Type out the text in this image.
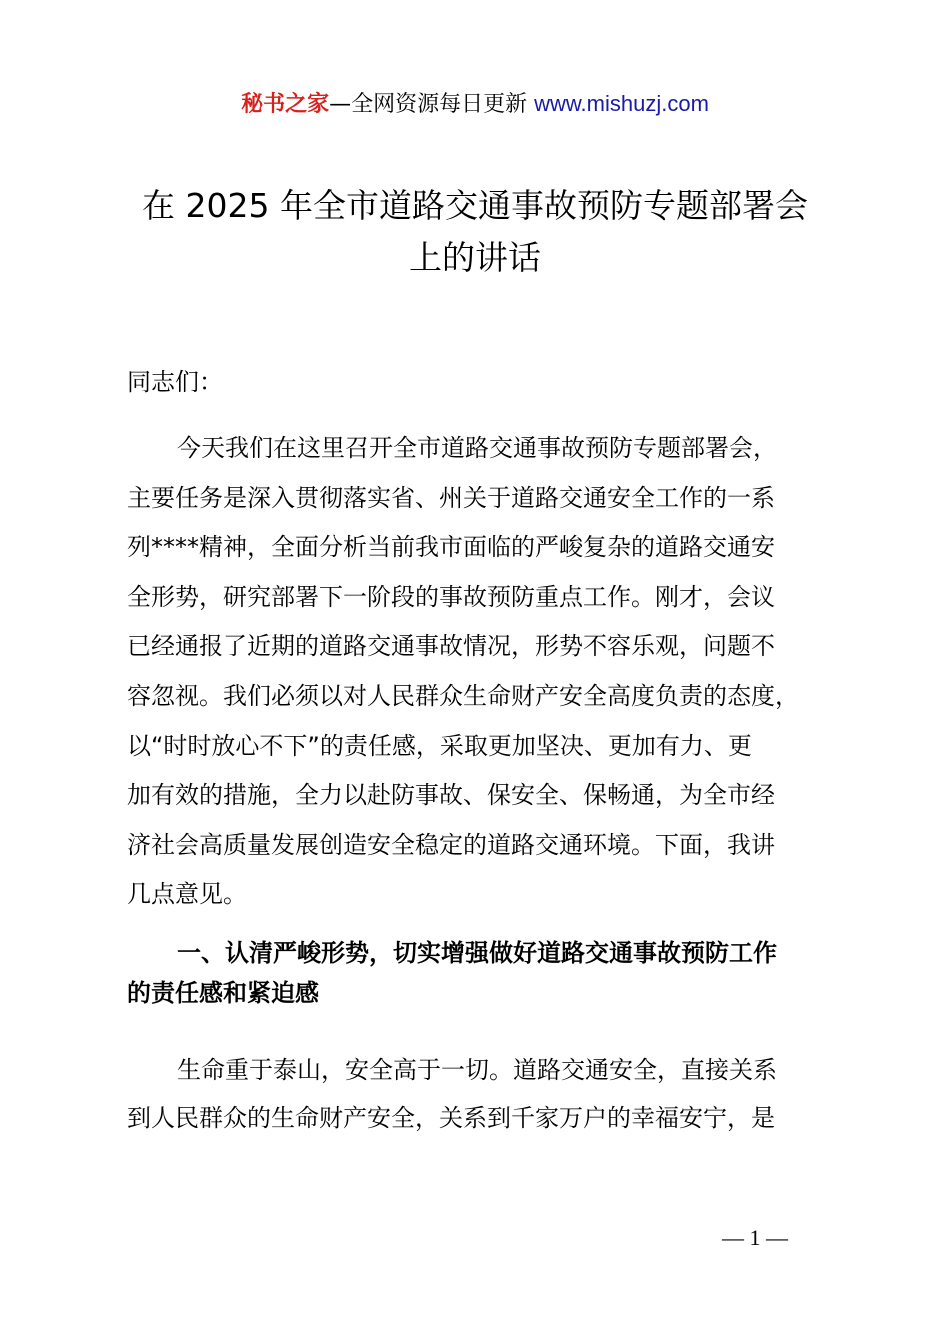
秘书之家—全网资源每日更新 www.mishuzj.com
在 2025 年全市道路交通事故预防专题部署会
上的讲话

同志们：

今天我们在这里召开全市道路交通事故预防专题部署会，
主要任务是深入贯彻落实省、州关于道路交通安全工作的一系
列****精神，全面分析当前我市面临的严峻复杂的道路交通安
全形势，研究部署下一阶段的事故预防重点工作。刚才，会议
已经通报了近期的道路交通事故情况，形势不容乐观，问题不
容忽视。我们必须以对人民群众生命财产安全高度负责的态度，
以“时时放心不下”的责任感，采取更加坚决、更加有力、更
加有效的措施，全力以赴防事故、保安全、保畅通，为全市经
济社会高质量发展创造安全稳定的道路交通环境。下面，我讲
几点意见。

一、认清严峻形势，切实增强做好道路交通事故预防工作
的责任感和紧迫感

生命重于泰山，安全高于一切。道路交通安全，直接关系
到人民群众的生命财产安全，关系到千家万户的幸福安宁，是

— 1 —
